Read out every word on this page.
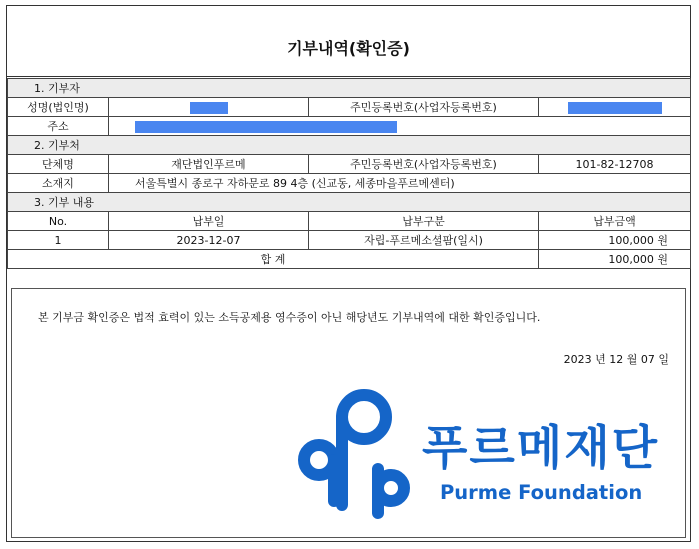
기부내역(확인증)
1. 기부자			
성명(법인명)		주민등록번호(사업자등록번호)	
주소			
2. 기부처			
단체명	재단법인푸르메	주민등록번호(사업자등록번호)	101-82-12708
소재지	서울특별시 종로구 자하문로 89 4층 (신교동, 세종마을푸르메센터)		
3. 기부 내용			
No.	납부일	납부구분	납부금액
1	2023-12-07	자립-푸르메소셜팜(일시)	100,000 원
합 계			100,000 원
본 기부금 확인증은 법적 효력이 있는 소득공제용 영수증이 아닌 해당년도 기부내역에 대한 확인증입니다.
2023 년 12 월 07 일
푸르메재단
Purme Foundation
